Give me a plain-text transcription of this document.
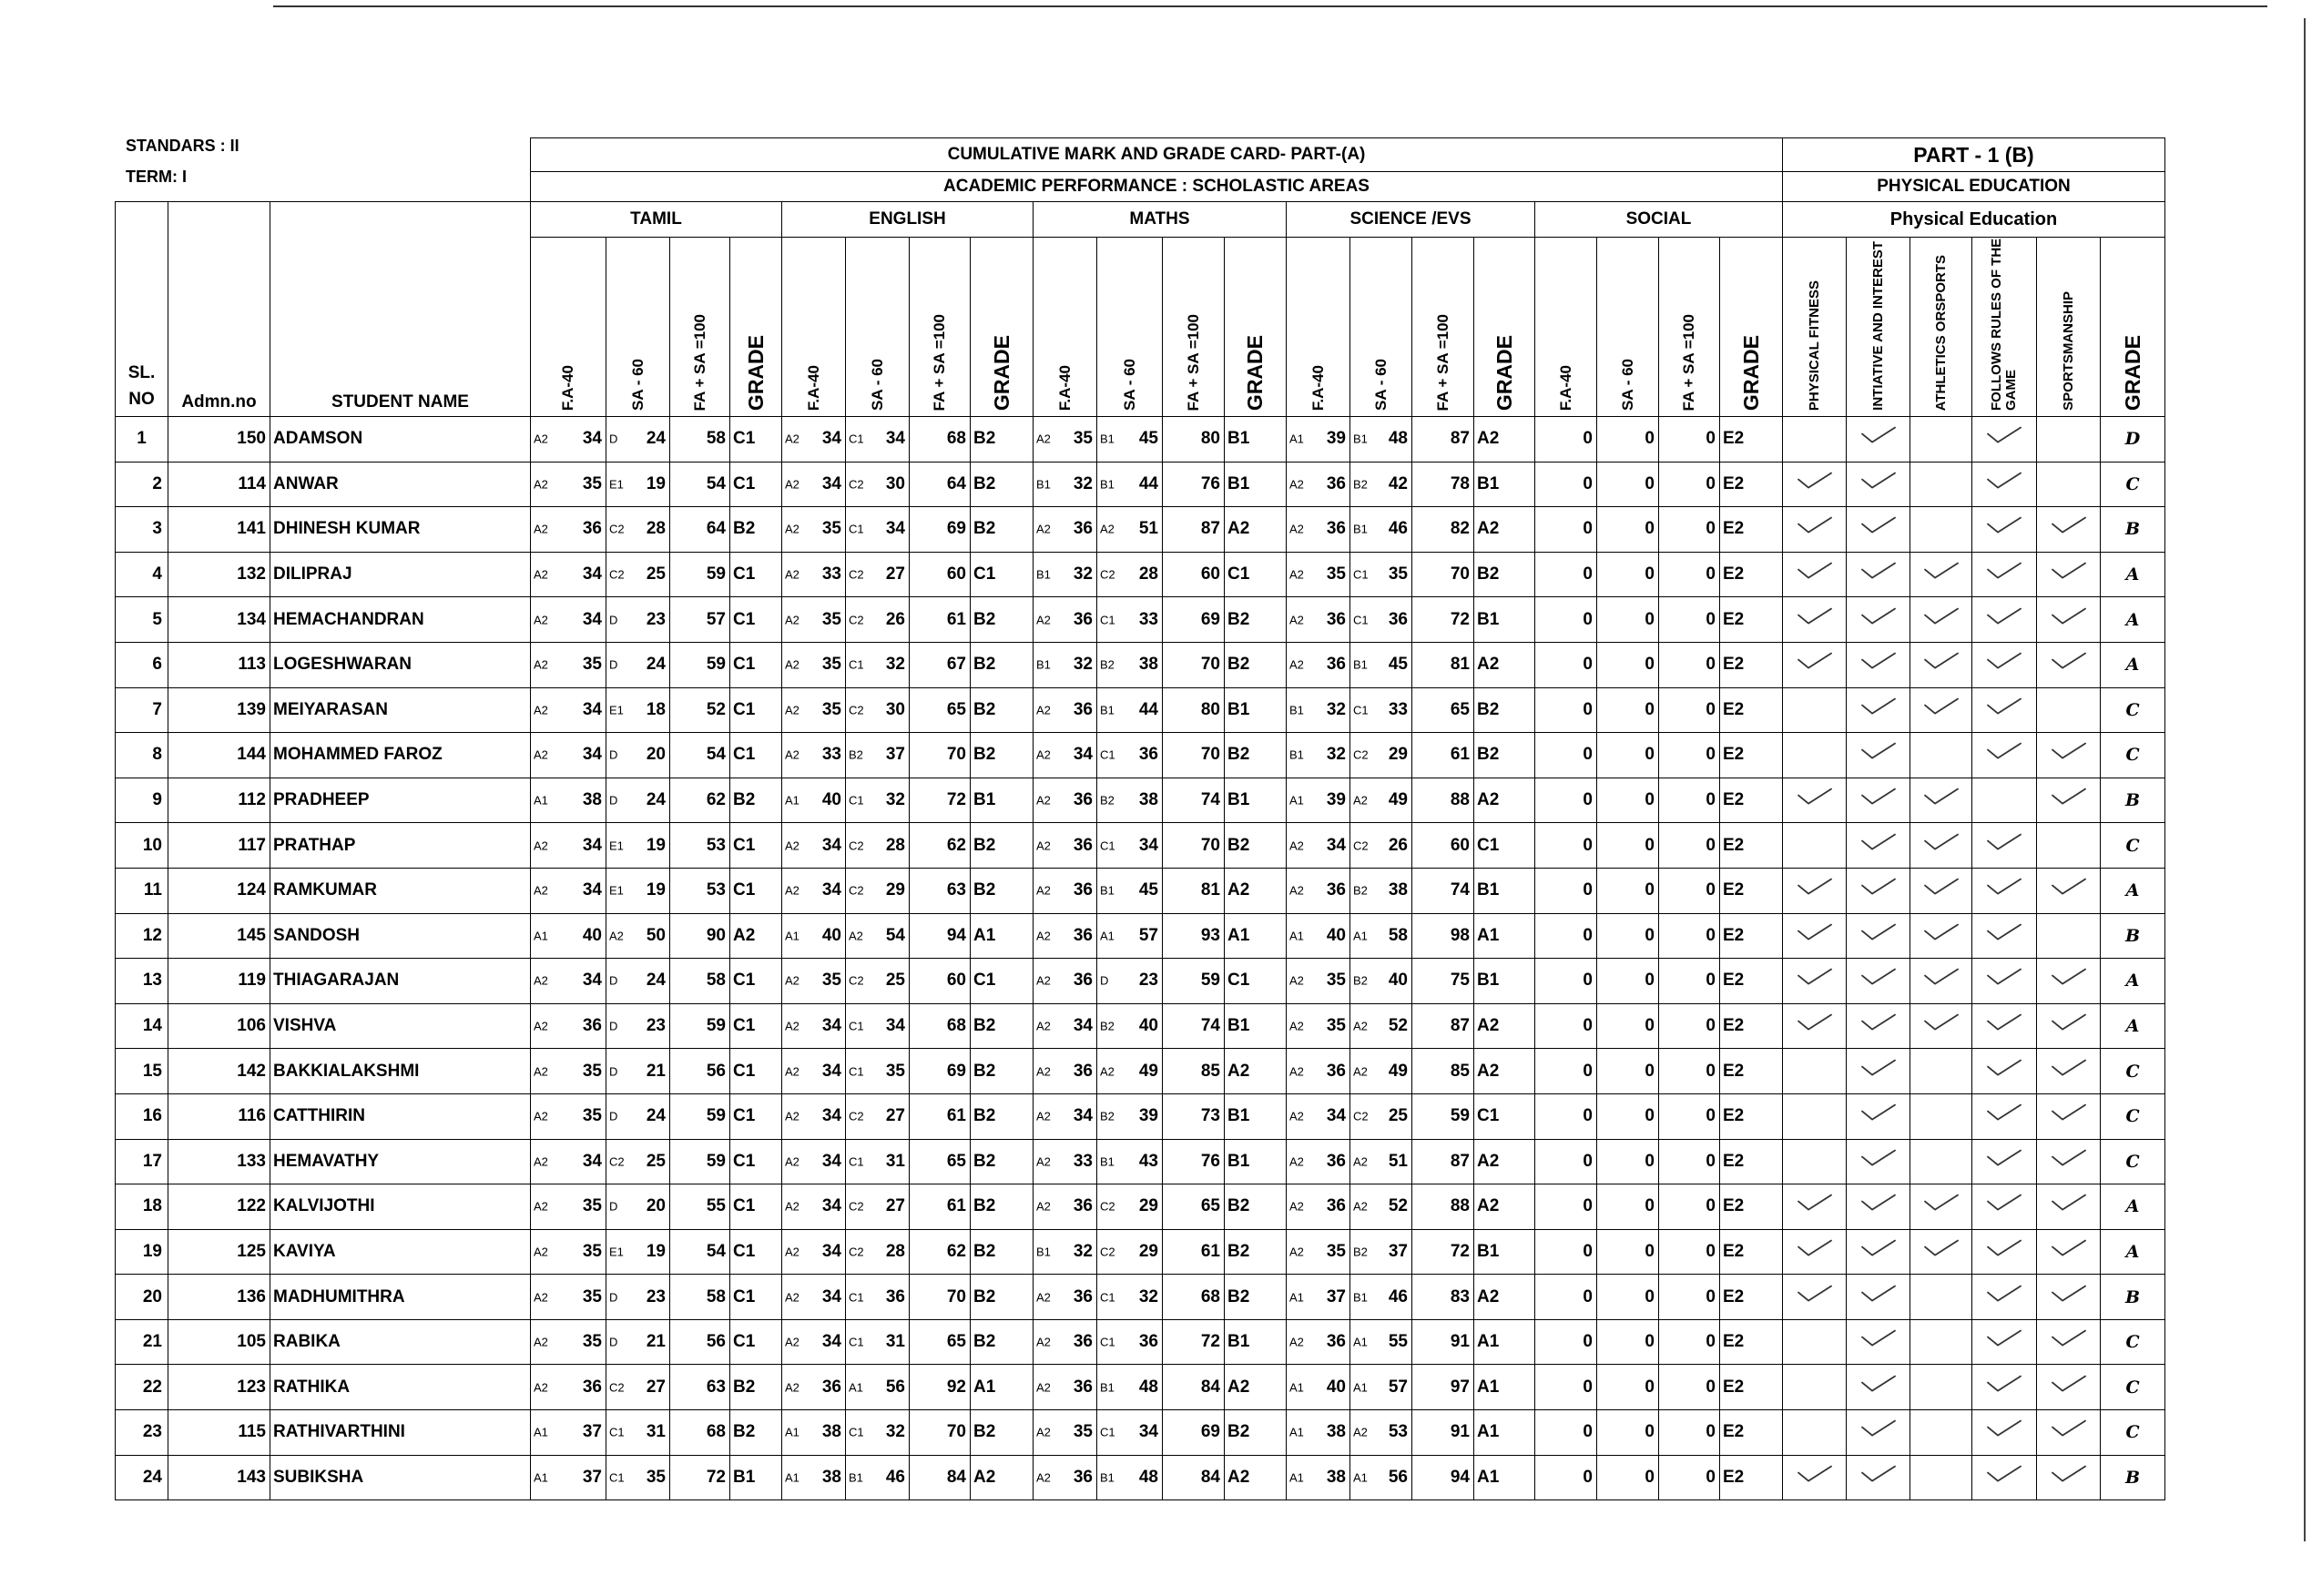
STANDARS : II
TERM: I
			CUMULATIVE MARK AND GRADE CARD- PART-(A)																				PART - 1 (B)					
			ACADEMIC PERFORMANCE : SCHOLASTIC AREAS																				PHYSICAL EDUCATION					
SL. NO	Admn.no	STUDENT NAME	TAMIL				ENGLISH				MATHS				SCIENCE /EVS				SOCIAL				Physical Education					

			F.A-40	SA - 60	FA + SA =100	GRADE	F.A-40	SA - 60	FA + SA =100	GRADE	F.A-40	SA - 60	FA + SA =100	GRADE	F.A-40	SA - 60	FA + SA =100	GRADE	F.A-40	SA - 60	FA + SA =100	GRADE	PHYSICAL FITNESS	INTIATIVE AND INTEREST	ATHLETICS ORSPORTS	FOLLOWS RULES OF THE GAME	SPORTSMANSHIP	GRADE

1	150	ADAMSON	A2 34	D 24	58	C1	A2 34	C1 34	68	B2	A2 35	B1 45	80	B1	A1 39	B1 48	87	A2	0	0	0	E2						D
2	114	ANWAR	A2 35	E1 19	54	C1	A2 34	C2 30	64	B2	B1 32	B1 44	76	B1	A2 36	B2 42	78	B1	0	0	0	E2						C
3	141	DHINESH KUMAR	A2 36	C2 28	64	B2	A2 35	C1 34	69	B2	A2 36	A2 51	87	A2	A2 36	B1 46	82	A2	0	0	0	E2						B
4	132	DILIPRAJ	A2 34	C2 25	59	C1	A2 33	C2 27	60	C1	B1 32	C2 28	60	C1	A2 35	C1 35	70	B2	0	0	0	E2						A
5	134	HEMACHANDRAN	A2 34	D 23	57	C1	A2 35	C2 26	61	B2	A2 36	C1 33	69	B2	A2 36	C1 36	72	B1	0	0	0	E2						A
6	113	LOGESHWARAN	A2 35	D 24	59	C1	A2 35	C1 32	67	B2	B1 32	B2 38	70	B2	A2 36	B1 45	81	A2	0	0	0	E2						A
7	139	MEIYARASAN	A2 34	E1 18	52	C1	A2 35	C2 30	65	B2	A2 36	B1 44	80	B1	B1 32	C1 33	65	B2	0	0	0	E2						C
8	144	MOHAMMED FAROZ	A2 34	D 20	54	C1	A2 33	B2 37	70	B2	A2 34	C1 36	70	B2	B1 32	C2 29	61	B2	0	0	0	E2						C
9	112	PRADHEEP	A1 38	D 24	62	B2	A1 40	C1 32	72	B1	A2 36	B2 38	74	B1	A1 39	A2 49	88	A2	0	0	0	E2						B
10	117	PRATHAP	A2 34	E1 19	53	C1	A2 34	C2 28	62	B2	A2 36	C1 34	70	B2	A2 34	C2 26	60	C1	0	0	0	E2						C
11	124	RAMKUMAR	A2 34	E1 19	53	C1	A2 34	C2 29	63	B2	A2 36	B1 45	81	A2	A2 36	B2 38	74	B1	0	0	0	E2						A
12	145	SANDOSH	A1 40	A2 50	90	A2	A1 40	A2 54	94	A1	A2 36	A1 57	93	A1	A1 40	A1 58	98	A1	0	0	0	E2						B
13	119	THIAGARAJAN	A2 34	D 24	58	C1	A2 35	C2 25	60	C1	A2 36	D 23	59	C1	A2 35	B2 40	75	B1	0	0	0	E2						A
14	106	VISHVA	A2 36	D 23	59	C1	A2 34	C1 34	68	B2	A2 34	B2 40	74	B1	A2 35	A2 52	87	A2	0	0	0	E2						A
15	142	BAKKIALAKSHMI	A2 35	D 21	56	C1	A2 34	C1 35	69	B2	A2 36	A2 49	85	A2	A2 36	A2 49	85	A2	0	0	0	E2						C
16	116	CATTHIRIN	A2 35	D 24	59	C1	A2 34	C2 27	61	B2	A2 34	B2 39	73	B1	A2 34	C2 25	59	C1	0	0	0	E2						C
17	133	HEMAVATHY	A2 34	C2 25	59	C1	A2 34	C1 31	65	B2	A2 33	B1 43	76	B1	A2 36	A2 51	87	A2	0	0	0	E2						C
18	122	KALVIJOTHI	A2 35	D 20	55	C1	A2 34	C2 27	61	B2	A2 36	C2 29	65	B2	A2 36	A2 52	88	A2	0	0	0	E2						A
19	125	KAVIYA	A2 35	E1 19	54	C1	A2 34	C2 28	62	B2	B1 32	C2 29	61	B2	A2 35	B2 37	72	B1	0	0	0	E2						A
20	136	MADHUMITHRA	A2 35	D 23	58	C1	A2 34	C1 36	70	B2	A2 36	C1 32	68	B2	A1 37	B1 46	83	A2	0	0	0	E2						B
21	105	RABIKA	A2 35	D 21	56	C1	A2 34	C1 31	65	B2	A2 36	C1 36	72	B1	A2 36	A1 55	91	A1	0	0	0	E2						C
22	123	RATHIKA	A2 36	C2 27	63	B2	A2 36	A1 56	92	A1	A2 36	B1 48	84	A2	A1 40	A1 57	97	A1	0	0	0	E2						C
23	115	RATHIVARTHINI	A1 37	C1 31	68	B2	A1 38	C1 32	70	B2	A2 35	C1 34	69	B2	A1 38	A2 53	91	A1	0	0	0	E2						C
24	143	SUBIKSHA	A1 37	C1 35	72	B1	A1 38	B1 46	84	A2	A2 36	B1 48	84	A2	A1 38	A1 56	94	A1	0	0	0	E2						B
